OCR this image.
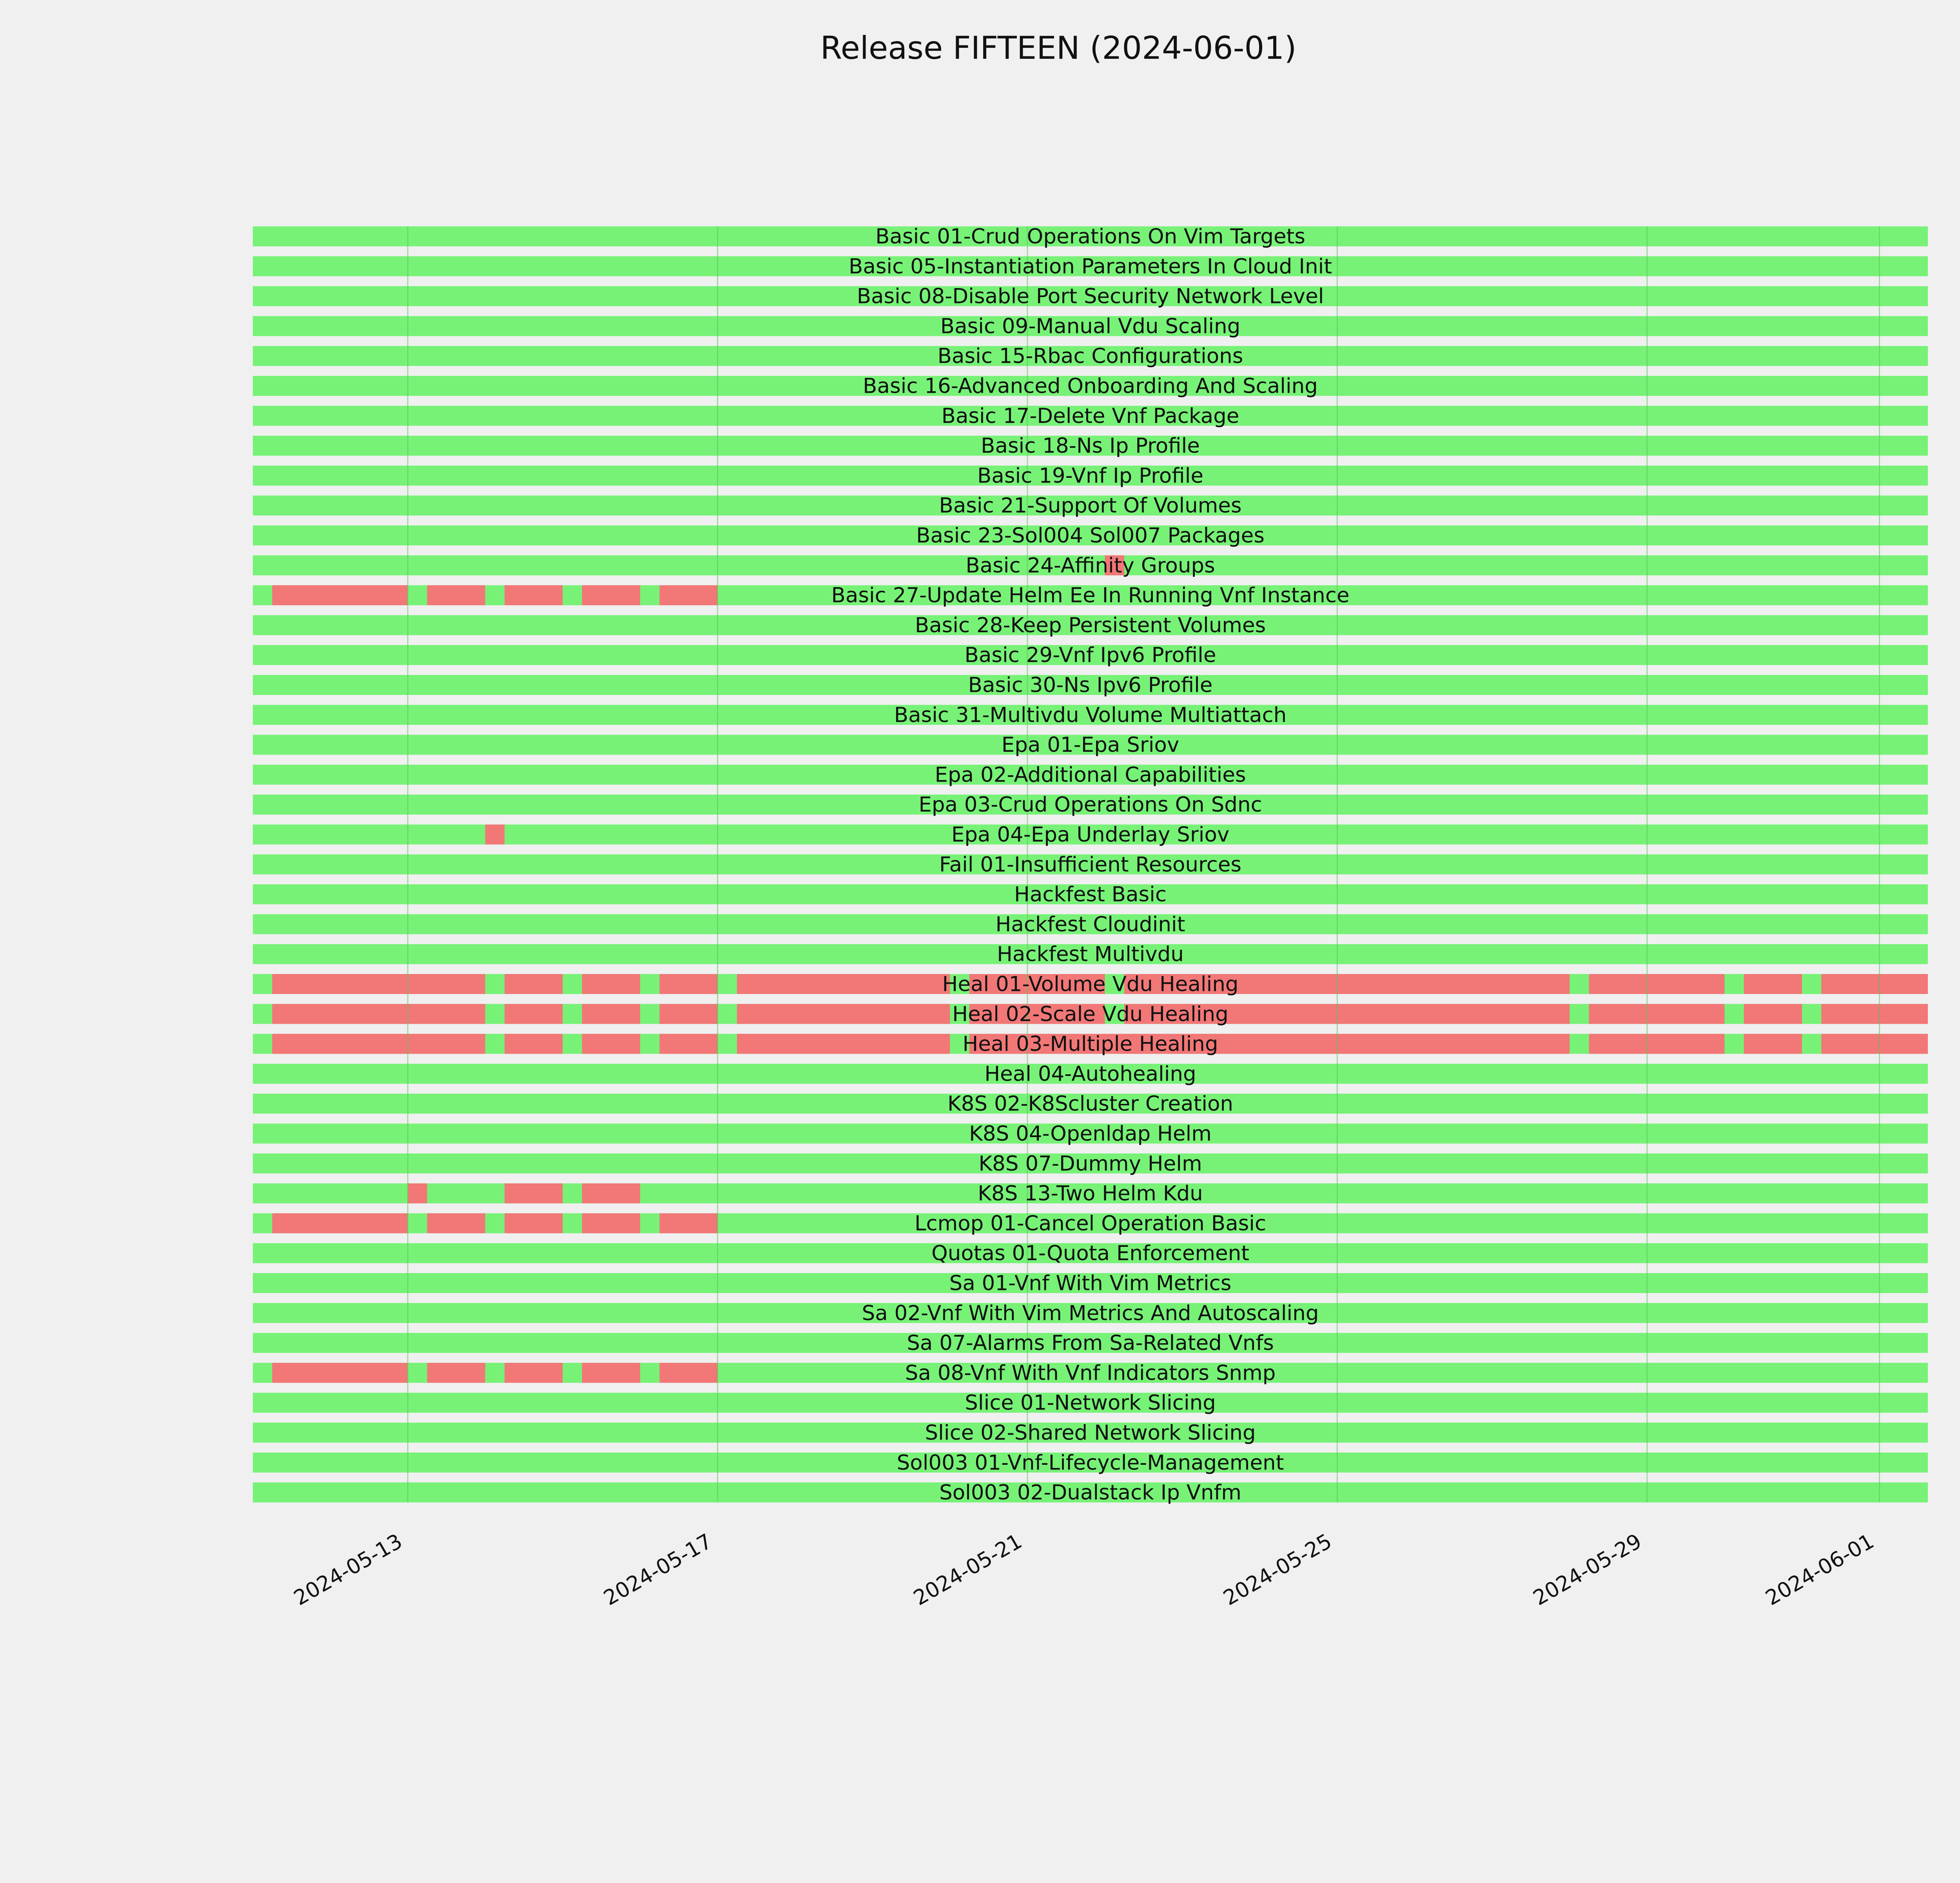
Release FIFTEEN (2024-06-01)
Basic 01-Crud Operations On Vim Targets
Basic 05-Instantiation Parameters In Cloud Init
Basic 08-Disable Port Security Network Level
Basic 09-Manual Vdu Scaling
Basic 15-Rbac Configurations
Basic 16-Advanced Onboarding And Scaling
Basic 17-Delete Vnf Package
Basic 18-Ns Ip Profile
Basic 19-Vnf Ip Profile
Basic 21-Support Of Volumes
Basic 23-Sol004 Sol007 Packages
Basic 24-Affinity Groups
Basic 27-Update Helm Ee In Running Vnf Instance
Basic 28-Keep Persistent Volumes
Basic 29-Vnf Ipv6 Profile
Basic 30-Ns Ipv6 Profile
Basic 31-Multivdu Volume Multiattach
Epa 01-Epa Sriov
Epa 02-Additional Capabilities
Epa 03-Crud Operations On Sdnc
Epa 04-Epa Underlay Sriov
Fail 01-Insufficient Resources
Hackfest Basic
Hackfest Cloudinit
Hackfest Multivdu
Heal 01-Volume Vdu Healing
Heal 02-Scale Vdu Healing
Heal 03-Multiple Healing
Heal 04-Autohealing
K8S 02-K8Scluster Creation
K8S 04-Openldap Helm
K8S 07-Dummy Helm
K8S 13-Two Helm Kdu
Lcmop 01-Cancel Operation Basic
Quotas 01-Quota Enforcement
Sa 01-Vnf With Vim Metrics
Sa 02-Vnf With Vim Metrics And Autoscaling
Sa 07-Alarms From Sa-Related Vnfs
Sa 08-Vnf With Vnf Indicators Snmp
Slice 01-Network Slicing
Slice 02-Shared Network Slicing
Sol003 01-Vnf-Lifecycle-Management
Sol003 02-Dualstack Ip Vnfm
2024-05-13	2024-05-17	2024-05-21	2024-05-25	2024-05-29	2024-06-01
